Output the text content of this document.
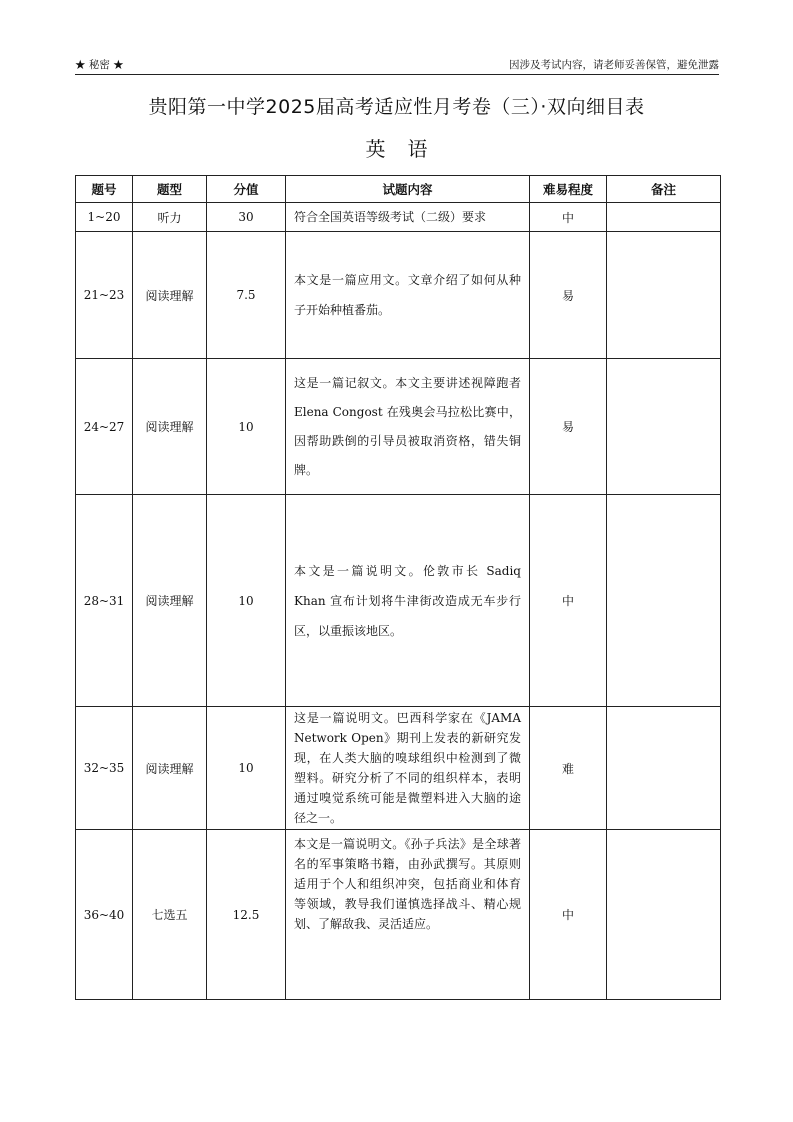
★ 秘密 ★	因涉及考试内容，请老师妥善保管，避免泄露
贵阳第一中学2025届高考适应性月考卷（三）·双向细目表
英语
题号	题型	分值	试题内容	难易程度	备注
1~20	听力	30	符合全国英语等级考试（二级）要求	中	
21~23	阅读理解	7.5	本文是一篇应用文。文章介绍了如何从种子开始种植番茄。	易	
24~27	阅读理解	10	这是一篇记叙文。本文主要讲述视障跑者 Elena Congost 在残奥会马拉松比赛中，因帮助跌倒的引导员被取消资格，错失铜牌。	易	
28~31	阅读理解	10	本文是一篇说明文。伦敦市长 Sadiq Khan 宣布计划将牛津街改造成无车步行区，以重振该地区。	中	
32~35	阅读理解	10	这是一篇说明文。巴西科学家在《JAMA Network Open》期刊上发表的新研究发现，在人类大脑的嗅球组织中检测到了微塑料。研究分析了不同的组织样本，表明通过嗅觉系统可能是微塑料进入大脑的途径之一。	难	
36~40	七选五	12.5	本文是一篇说明文。《孙子兵法》是全球著名的军事策略书籍，由孙武撰写。其原则适用于个人和组织冲突，包括商业和体育等领域，教导我们谨慎选择战斗、精心规划、了解敌我、灵活适应。	中	
